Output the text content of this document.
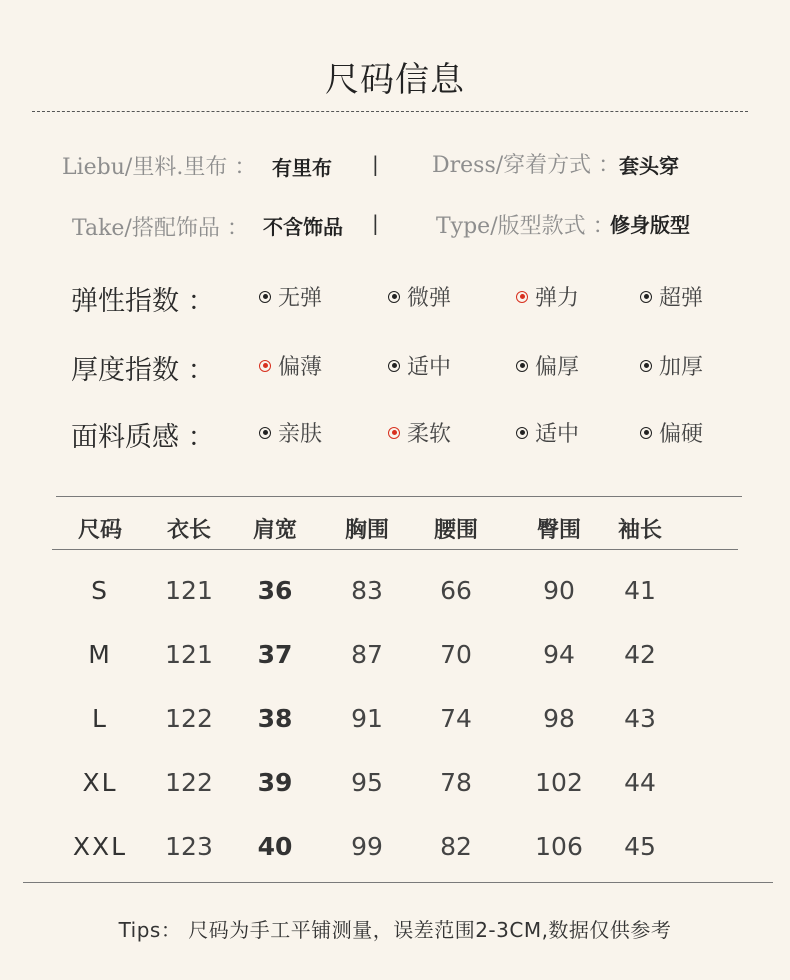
尺码信息
Liebu/里料.里布 ： 有里布 | Dress/穿着方式 ：
套头穿
Take/搭配饰品 ： 不含饰品 |	Type/版型款式 ：
修身版型
弹性指数 ：	无弹	微弹	弹力	超弹
厚度指数 ：	偏薄	适中	偏厚	加厚
面料质感 ：	亲肤	柔软	适中	偏硬
尺码 衣长 肩宽 胸围 腰围	臀围 袖长
S 121 36 83 66	90 41
M 121 37 87 70	94 42
L 122 38 91 74	98 43
XL 122 39 95 78	102 44
XXL 123 40 99 82	106 45
Tips： 尺码为手工平铺测量，误差范围2-3CM,数据仅供参考
